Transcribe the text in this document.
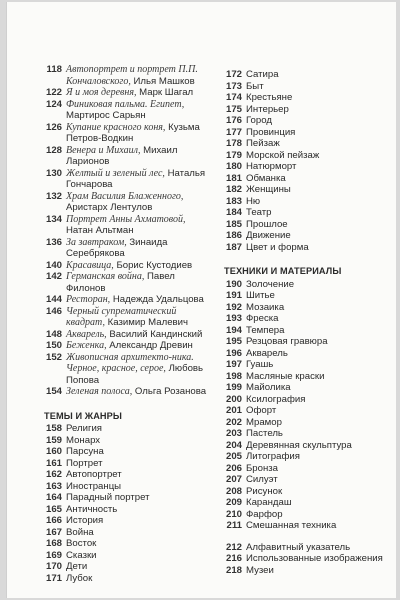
118 Автопортрет и портрет П.П. Кончаловского, Илья Машков
122 Я и моя деревня, Марк Шагал
124 Финиковая пальма. Египет, Мартирос Сарьян
126 Купание красного коня, Кузьма Петров-Водкин
128 Венера и Михаил, Михаил Ларионов
130 Желтый и зеленый лес, Наталья Гончарова
132 Храм Василия Блаженного, Аристарх Лентулов
134 Портрет Анны Ахматовой, Натан Альтман
136 За завтраком, Зинаида Серебрякова
140 Красавица, Борис Кустодиев
142 Германская война, Павел Филонов
144 Ресторан, Надежда Удальцова
146 Черный супрематический квадрат, Казимир Малевич
148 Акварель, Василий Кандинский
150 Беженка, Александр Древин
152 Живописная архитекто-ника. Черное, красное, серое, Любовь Попова
154 Зеленая полоса, Ольга Розанова
ТЕМЫ И ЖАНРЫ
158 Религия
159 Монарх
160 Парсуна
161 Портрет
162 Автопортрет
163 Иностранцы
164 Парадный портрет
165 Античность
166 История
167 Война
168 Восток
169 Сказки
170 Дети
171 Лубок
172 Сатира
173 Быт
174 Крестьяне
175 Интерьер
176 Город
177 Провинция
178 Пейзаж
179 Морской пейзаж
180 Натюрморт
181 Обманка
182 Женщины
183 Ню
184 Театр
185 Прошлое
186 Движение
187 Цвет и форма
ТЕХНИКИ И МАТЕРИАЛЫ
190 Золочение
191 Шитье
192 Мозаика
193 Фреска
194 Темпера
195 Резцовая гравюра
196 Акварель
197 Гуашь
198 Масляные краски
199 Майолика
200 Ксилография
201 Офорт
202 Мрамор
203 Пастель
204 Деревянная скульптура
205 Литография
206 Бронза
207 Силуэт
208 Рисунок
209 Карандаш
210 Фарфор
211 Смешанная техника
212 Алфавитный указатель
216 Использованные изображения
218 Музеи
